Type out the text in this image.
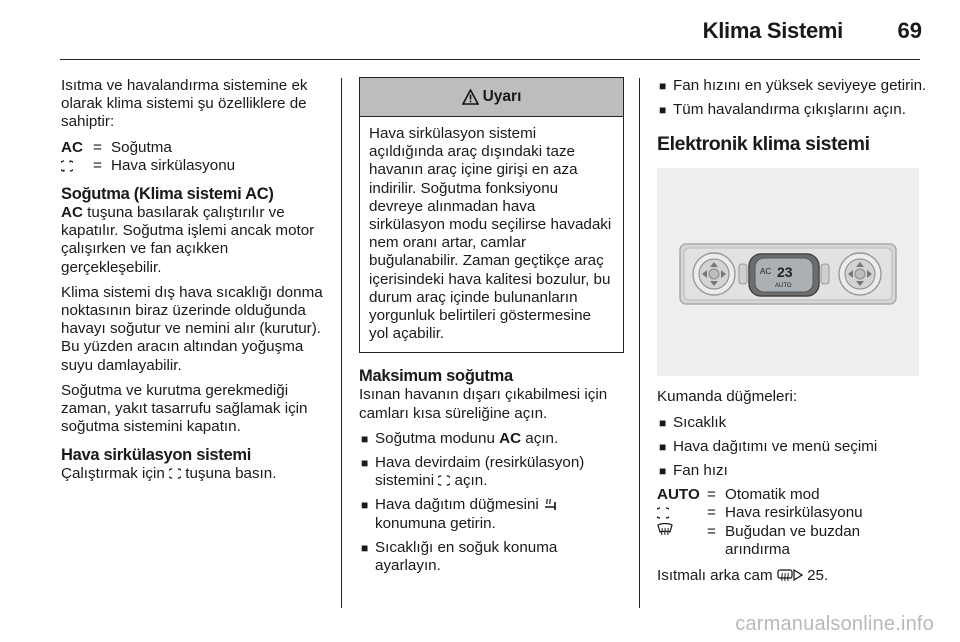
Klima Sistemi 69

Isıtma ve havalandırma sistemine ek olarak klima sistemi şu özelliklere de sahiptir:

AC = Soğutma
= Hava sirkülasyonu
Soğutma (Klima sistemi AC)

AC tuşuna basılarak çalıştırılır ve kapatılır. Soğutma işlemi ancak motor çalışırken ve fan açıkken gerçekleşebilir.

Klima sistemi dış hava sıcaklığı donma noktasının biraz üzerinde olduğunda havayı soğutur ve nemini alır (kurutur). Bu yüzden aracın altından yoğuşma suyu damlayabilir.

Soğutma ve kurutma gerekmediği zaman, yakıt tasarrufu sağlamak için soğutma sistemini kapatın.

Hava sirkülasyon sistemi

Çalıştırmak için  tuşuna basın.

Uyarı
Hava sirkülasyon sistemi açıldığında araç dışındaki taze havanın araç içine girişi en aza indirilir. Soğutma fonksiyonu devreye alınmadan hava sirkülasyon modu seçilirse havadaki nem oranı artar, camlar buğulanabilir. Zaman geçtikçe araç içerisindeki hava kalitesi bozulur, bu durum araç içinde bulunanların yorgunluk belirtileri göstermesine yol açabilir.
Maksimum soğutma

Isınan havanın dışarı çıkabilmesi için camları kısa süreliğine açın.

■ Soğutma modunu AC açın.
■ Hava devirdaim (resirkülasyon) sistemini  açın.
■ Hava dağıtım düğmesini  konumuna getirin.
■ Sıcaklığı en soğuk konuma ayarlayın.
■ Fan hızını en yüksek seviyeye getirin.
■ Tüm havalandırma çıkışlarını açın.
Elektronik klima sistemi
AC 23
AUTO

Kumanda düğmeleri:

■ Sıcaklık
■ Hava dağıtımı ve menü seçimi
■ Fan hızı
AUTO = Otomatik mod
= Hava resirkülasyonu
= Buğudan ve buzdan arındırma

Isıtmalı arka cam  25.

carmanualsonline.info
